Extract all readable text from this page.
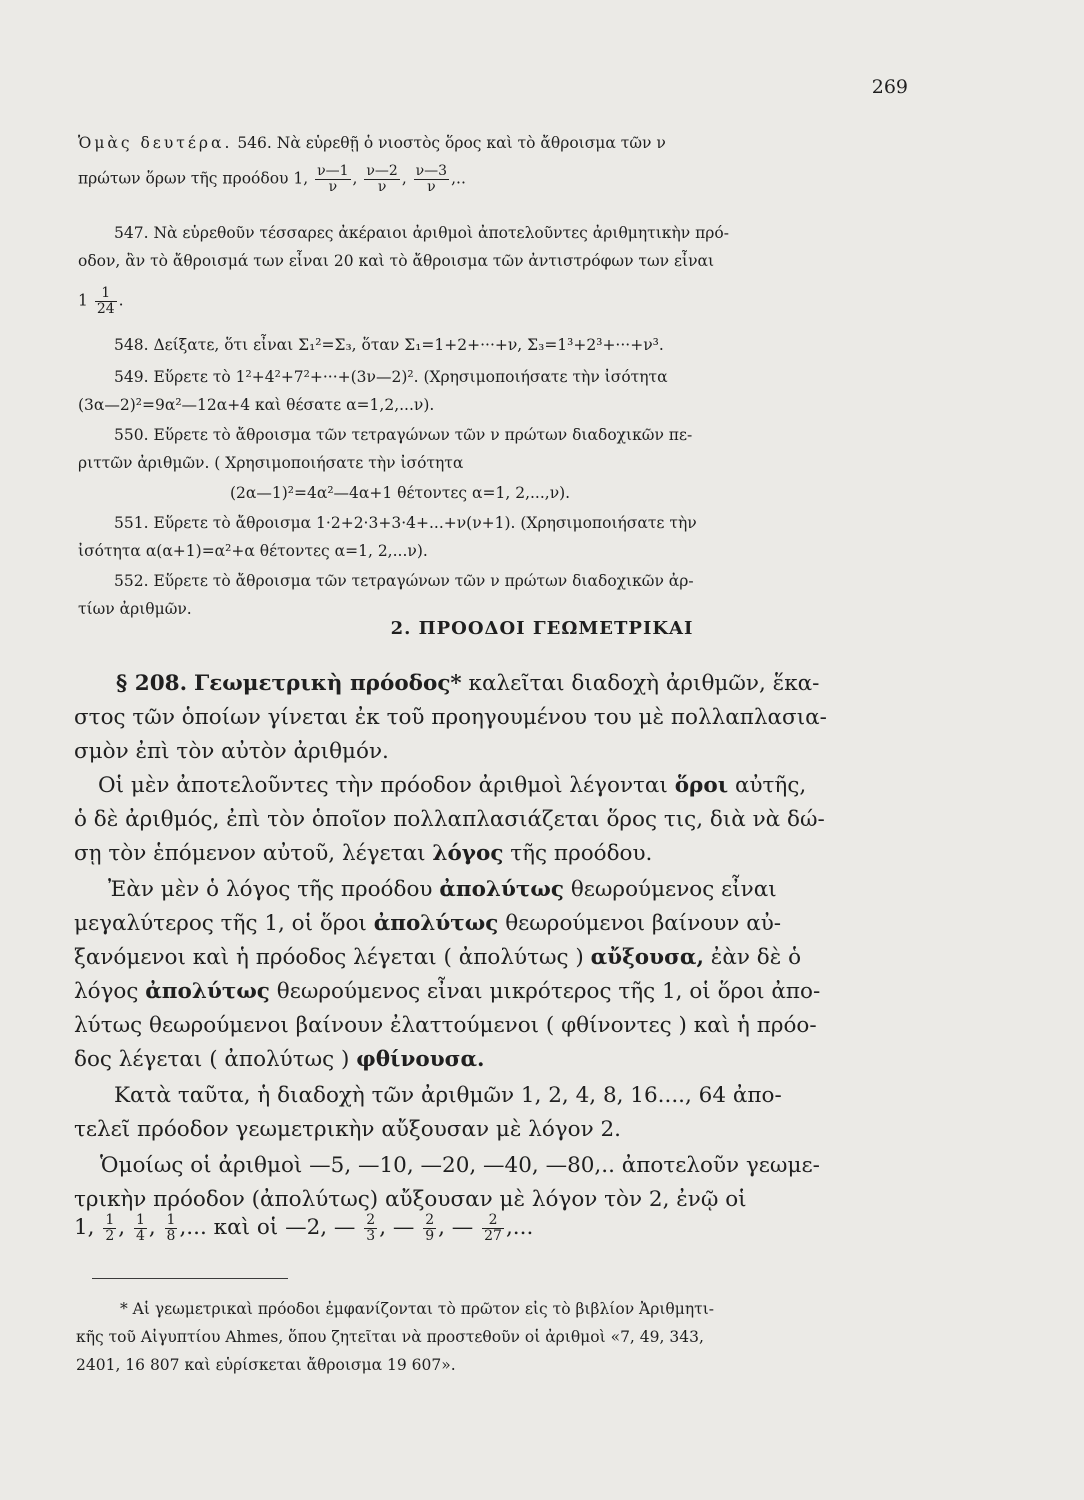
269
Ὁμὰς δευτέρα. 546. Νὰ εὑρεθῇ ὁ νιοστὸς ὅρος καὶ τὸ ἄθροισμα τῶν ν
πρώτων ὅρων τῆς προόδου 1, $\frac{\nu—1}{\nu}$ , $\frac{\nu—2}{\nu}$ , $\frac{\nu—3}{\nu}$ ,..
547. Νὰ εὑρεθοῦν τέσσαρες ἀκέραιοι ἀριθμοὶ ἀποτελοῦντες ἀριθμητικὴν πρό-
οδον, ἂν τὸ ἄθροισμά των εἶναι 20 καὶ τὸ ἄθροισμα τῶν ἀντιστρόφων των εἶναι
$1 \frac{1}{24}$ .
548. Δείξατε, ὅτι εἶναι Σ₁²=Σ₃, ὅταν Σ₁=1+2+···+ν, Σ₃=1³+2³+···+ν³.
549. Εὕρετε τὸ 1²+4²+7²+···+(3ν—2)². (Χρησιμοποιήσατε τὴν ἰσότητα
(3α—2)²=9α²—12α+4 καὶ θέσατε α=1,2,...ν).
550. Εὕρετε τὸ ἄθροισμα τῶν τετραγώνων τῶν ν πρώτων διαδοχικῶν πε-
ριττῶν ἀριθμῶν. ( Χρησιμοποιήσατε τὴν ἰσότητα
(2α—1)²=4α²—4α+1 θέτοντες α=1, 2,...,ν).
551. Εὕρετε τὸ ἄθροισμα 1·2+2·3+3·4+...+ν(ν+1). (Χρησιμοποιήσατε τὴν
ἰσότητα α(α+1)=α²+α θέτοντες α=1, 2,...ν).
552. Εὕρετε τὸ ἄθροισμα τῶν τετραγώνων τῶν ν πρώτων διαδοχικῶν ἀρ-
τίων ἀριθμῶν.
2. ΠΡΟΟΔΟΙ ΓΕΩΜΕΤΡΙΚΑΙ
§ 208. Γεωμετρικὴ πρόοδος* καλεῖται διαδοχὴ ἀριθμῶν, ἕκα-
στος τῶν ὁποίων γίνεται ἐκ τοῦ προηγουμένου του μὲ πολλαπλασια-
σμὸν ἐπὶ τὸν αὐτὸν ἀριθμόν.
Οἱ μὲν ἀποτελοῦντες τὴν πρόοδον ἀριθμοὶ λέγονται ὅροι αὐτῆς,
ὁ δὲ ἀριθμός, ἐπὶ τὸν ὁποῖον πολλαπλασιάζεται ὅρος τις, διὰ νὰ δώ-
σῃ τὸν ἑπόμενον αὐτοῦ, λέγεται λόγος τῆς προόδου.
Ἐὰν μὲν ὁ λόγος τῆς προόδου ἀπολύτως θεωρούμενος εἶναι
μεγαλύτερος τῆς 1, οἱ ὅροι ἀπολύτως θεωρούμενοι βαίνουν αὐ-
ξανόμενοι καὶ ἡ πρόοδος λέγεται ( ἀπολύτως ) αὔξουσα, ἐὰν δὲ ὁ
λόγος ἀπολύτως θεωρούμενος εἶναι μικρότερος τῆς 1, οἱ ὅροι ἀπο-
λύτως θεωρούμενοι βαίνουν ἐλαττούμενοι ( φθίνοντες ) καὶ ἡ πρόο-
δος λέγεται ( ἀπολύτως ) φθίνουσα.
Κατὰ ταῦτα, ἡ διαδοχὴ τῶν ἀριθμῶν 1, 2, 4, 8, 16...., 64 ἀπο-
τελεῖ πρόοδον γεωμετρικὴν αὔξουσαν μὲ λόγον 2.
Ὁμοίως οἱ ἀριθμοὶ —5, —10, —20, —40, —80,.. ἀποτελοῦν γεωμε-
τρικὴν πρόοδον (ἀπολύτως) αὔξουσαν μὲ λόγον τὸν 2, ἐνῷ οἱ
1, $\frac{1}{2}$ , $\frac{1}{4}$ , $\frac{1}{8}$ ,... καὶ οἱ —2, — $\frac{2}{3}$ , — $\frac{2}{9}$ , — $\frac{2}{27}$ ,...
* Αἱ γεωμετρικαὶ πρόοδοι ἐμφανίζονται τὸ πρῶτον εἰς τὸ βιβλίον Ἀριθμητι-
κῆς τοῦ Αἰγυπτίου Ahmes, ὅπου ζητεῖται νὰ προστεθοῦν οἱ ἀριθμοὶ «7, 49, 343,
2401, 16 807 καὶ εὑρίσκεται ἄθροισμα 19 607».
